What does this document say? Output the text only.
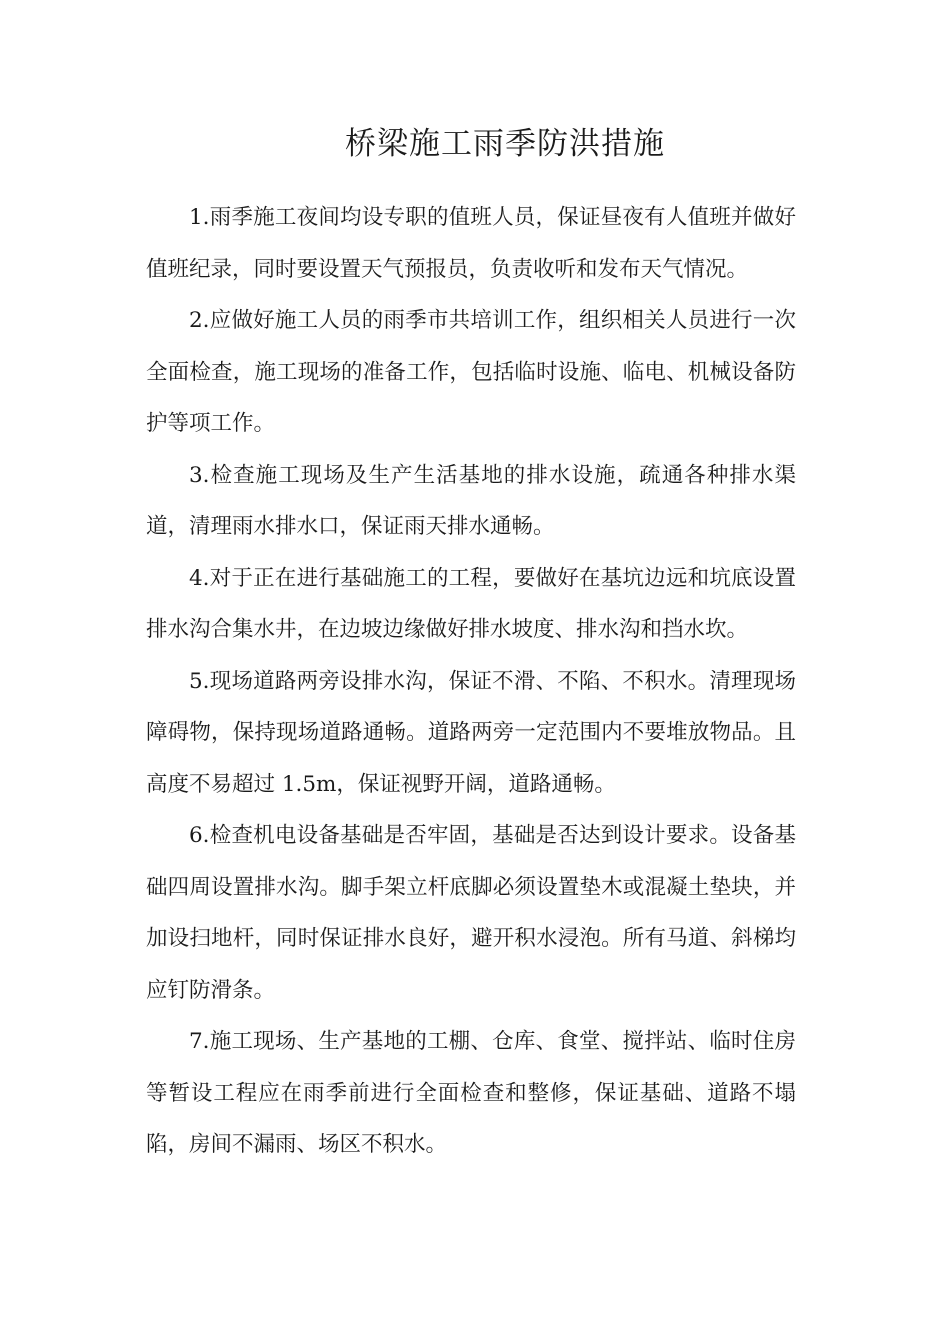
桥梁施工雨季防洪措施

1.雨季施工夜间均设专职的值班人员，保证昼夜有人值班并做好值班纪录，同时要设置天气预报员，负责收听和发布天气情况。

2.应做好施工人员的雨季市共培训工作，组织相关人员进行一次全面检查，施工现场的准备工作，包括临时设施、临电、机械设备防护等项工作。

3.检查施工现场及生产生活基地的排水设施，疏通各种排水渠道，清理雨水排水口，保证雨天排水通畅。

4.对于正在进行基础施工的工程，要做好在基坑边远和坑底设置排水沟合集水井，在边坡边缘做好排水坡度、排水沟和挡水坎。

5.现场道路两旁设排水沟，保证不滑、不陷、不积水。清理现场障碍物，保持现场道路通畅。道路两旁一定范围内不要堆放物品。且高度不易超过 1.5m，保证视野开阔，道路通畅。

6.检查机电设备基础是否牢固，基础是否达到设计要求。设备基础四周设置排水沟。脚手架立杆底脚必须设置垫木或混凝土垫块，并加设扫地杆，同时保证排水良好，避开积水浸泡。所有马道、斜梯均应钉防滑条。

7.施工现场、生产基地的工棚、仓库、食堂、搅拌站、临时住房等暂设工程应在雨季前进行全面检查和整修，保证基础、道路不塌陷，房间不漏雨、场区不积水。
